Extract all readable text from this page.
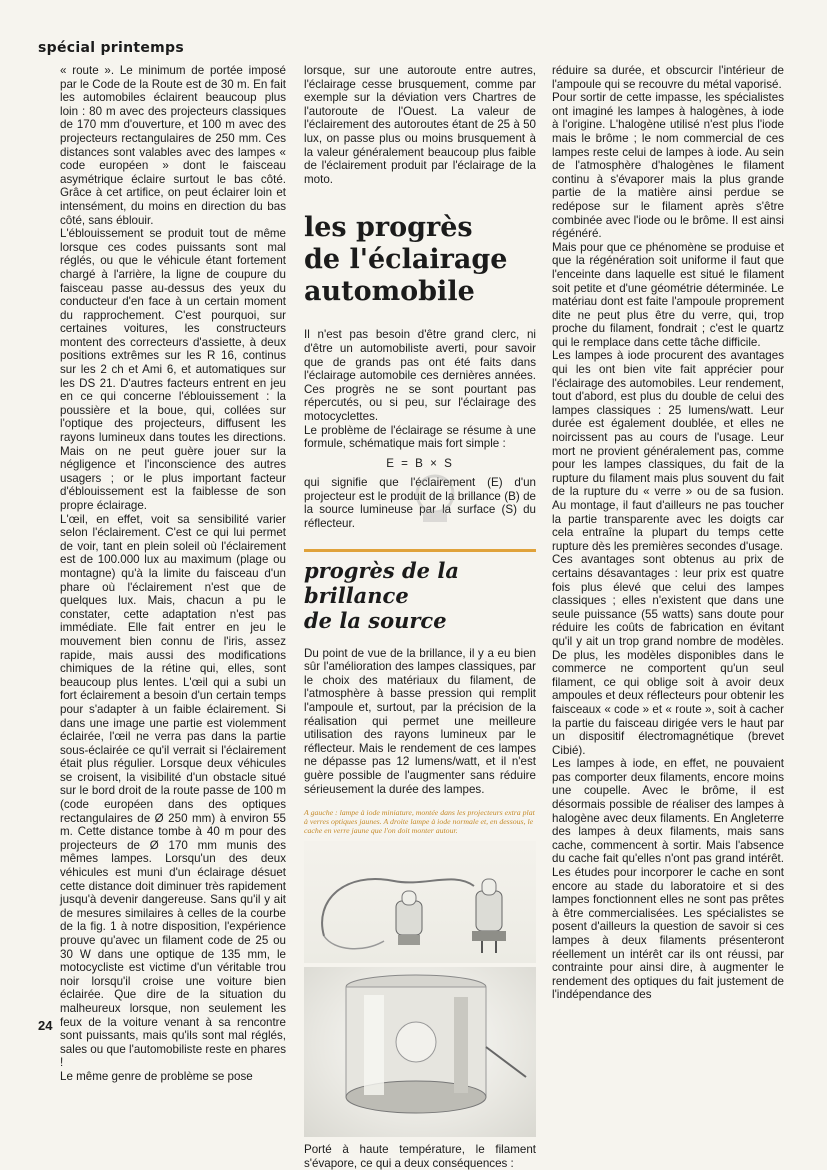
spécial printemps

« route ». Le minimum de portée imposé par le Code de la Route est de 30 m. En fait les automobiles éclairent beaucoup plus loin : 80 m avec des projecteurs classiques de 170 mm d'ouverture, et 100 m avec des projecteurs rectangulaires de 250 mm. Ces distances sont valables avec des lampes « code européen » dont le faisceau asymétrique éclaire surtout le bas côté. Grâce à cet artifice, on peut éclairer loin et intensément, du moins en direction du bas côté, sans éblouir.

L'éblouissement se produit tout de même lorsque ces codes puissants sont mal réglés, ou que le véhicule étant fortement chargé à l'arrière, la ligne de coupure du faisceau passe au-dessus des yeux du conducteur d'en face à un certain moment du rapprochement. C'est pourquoi, sur certaines voitures, les constructeurs montent des correcteurs d'assiette, à deux positions extrêmes sur les R 16, continus sur les 2 ch et Ami 6, et automatiques sur les DS 21. D'autres facteurs entrent en jeu en ce qui concerne l'éblouissement : la poussière et la boue, qui, collées sur l'optique des projecteurs, diffusent les rayons lumineux dans toutes les directions. Mais on ne peut guère jouer sur la négligence et l'inconscience des autres usagers ; or le plus important facteur d'éblouissement est la faiblesse de son propre éclairage.

L'œil, en effet, voit sa sensibilité varier selon l'éclairement. C'est ce qui lui permet de voir, tant en plein soleil où l'éclairement est de 100.000 lux au maximum (plage ou montagne) qu'à la limite du faisceau d'un phare où l'éclairement n'est que de quelques lux. Mais, chacun a pu le constater, cette adaptation n'est pas immédiate. Elle fait entrer en jeu le mouvement bien connu de l'iris, assez rapide, mais aussi des modifications chimiques de la rétine qui, elles, sont beaucoup plus lentes. L'œil qui a subi un fort éclairement a besoin d'un certain temps pour s'adapter à un faible éclairement. Si dans une image une partie est violemment éclairée, l'œil ne verra pas dans la partie sous-éclairée ce qu'il verrait si l'éclairement était plus régulier. Lorsque deux véhicules se croisent, la visibilité d'un obstacle situé sur le bord droit de la route passe de 100 m (code européen dans des optiques rectangulaires de Ø 250 mm) à environ 55 m. Cette distance tombe à 40 m pour des projecteurs de Ø 170 mm munis des mêmes lampes. Lorsqu'un des deux véhicules est muni d'un éclairage désuet cette distance doit diminuer très rapidement jusqu'à devenir dangereuse. Sans qu'il y ait de mesures similaires à celles de la courbe de la fig. 1 à notre disposition, l'expérience prouve qu'avec un filament code de 25 ou 30 W dans une optique de 135 mm, le motocycliste est victime d'un véritable trou noir lorsqu'il croise une voiture bien éclairée. Que dire de la situation du malheureux lorsque, non seulement les feux de la voiture venant à sa rencontre sont puissants, mais qu'ils sont mal réglés, sales ou que l'automobiliste reste en phares !

Le même genre de problème se pose

lorsque, sur une autoroute entre autres, l'éclairage cesse brusquement, comme par exemple sur la déviation vers Chartres de l'autoroute de l'Ouest. La valeur de l'éclairement des autoroutes étant de 25 à 50 lux, on passe plus ou moins brusquement à la valeur généralement beaucoup plus faible de l'éclairement produit par l'éclairage de la moto.

les progrès
de l'éclairage
automobile

Il n'est pas besoin d'être grand clerc, ni d'être un automobiliste averti, pour savoir que de grands pas ont été faits dans l'éclairage automobile ces dernières années. Ces progrès ne se sont pourtant pas répercutés, ou si peu, sur l'éclairage des motocyclettes.

Le problème de l'éclairage se résume à une formule, schématique mais fort simple :

E = B × S

qui signifie que l'éclairement (E) d'un projecteur est le produit de la brillance (B) de la source lumineuse par la surface (S) du réflecteur.

progrès de la brillance
de la source

Du point de vue de la brillance, il y a eu bien sûr l'amélioration des lampes classiques, par le choix des matériaux du filament, de l'atmosphère à basse pression qui remplit l'ampoule et, surtout, par la précision de la réalisation qui permet une meilleure utilisation des rayons lumineux par le réflecteur. Mais le rendement de ces lampes ne dépasse pas 12 lumens/watt, et il n'est guère possible de l'augmenter sans réduire sérieusement la durée des lampes.

A gauche : lampe à iode miniature, montée dans les projecteurs extra plat à verres optiques jaunes. A droite lampe à iode normale et, en dessous, le cache en verre jaune que l'on doit monter autour.

Porté à haute température, le filament s'évapore, ce qui a deux conséquences :

réduire sa durée, et obscurcir l'intérieur de l'ampoule qui se recouvre du métal vaporisé.

Pour sortir de cette impasse, les spécialistes ont imaginé les lampes à halogènes, à iode à l'origine. L'halogène utilisé n'est plus l'iode mais le brôme ; le nom commercial de ces lampes reste celui de lampes à iode. Au sein de l'atmosphère d'halogènes le filament continu à s'évaporer mais la plus grande partie de la matière ainsi perdue se redépose sur le filament après s'être combinée avec l'iode ou le brôme. Il est ainsi régénéré.

Mais pour que ce phénomène se produise et que la régénération soit uniforme il faut que l'enceinte dans laquelle est situé le filament soit petite et d'une géométrie déterminée. Le matériau dont est faite l'ampoule proprement dite ne peut plus être du verre, qui, trop proche du filament, fondrait ; c'est le quartz qui le remplace dans cette tâche difficile.

Les lampes à iode procurent des avantages qui les ont bien vite fait apprécier pour l'éclairage des automobiles. Leur rendement, tout d'abord, est plus du double de celui des lampes classiques : 25 lumens/watt. Leur durée est également doublée, et elles ne noircissent pas au cours de l'usage. Leur mort ne provient généralement pas, comme pour les lampes classiques, du fait de la rupture du filament mais plus souvent du fait de la rupture du « verre » ou de sa fusion. Au montage, il faut d'ailleurs ne pas toucher la partie transparente avec les doigts car cela entraîne la plupart du temps cette rupture dès les premières secondes d'usage.

Ces avantages sont obtenus au prix de certains désavantages : leur prix est quatre fois plus élevé que celui des lampes classiques ; elles n'existent que dans une seule puissance (55 watts) sans doute pour réduire les coûts de fabrication en évitant qu'il y ait un trop grand nombre de modèles. De plus, les modèles disponibles dans le commerce ne comportent qu'un seul filament, ce qui oblige soit à avoir deux ampoules et deux réflecteurs pour obtenir les faisceaux « code » et « route », soit à cacher la partie du faisceau dirigée vers le haut par un dispositif électromagnétique (brevet Cibié).

Les lampes à iode, en effet, ne pouvaient pas comporter deux filaments, encore moins une coupelle. Avec le brôme, il est désormais possible de réaliser des lampes à halogène avec deux filaments. En Angleterre des lampes à deux filaments, mais sans cache, commencent à sortir. Mais l'absence du cache fait qu'elles n'ont pas grand intérêt. Les études pour incorporer le cache en sont encore au stade du laboratoire et si des lampes fonctionnent elles ne sont pas prêtes à être commercialisées. Les spécialistes se posent d'ailleurs la question de savoir si ces lampes à deux filaments présenteront réellement un intérêt car ils ont réussi, par contrainte pour ainsi dire, à augmenter le rendement des optiques du fait justement de l'indépendance des

24
